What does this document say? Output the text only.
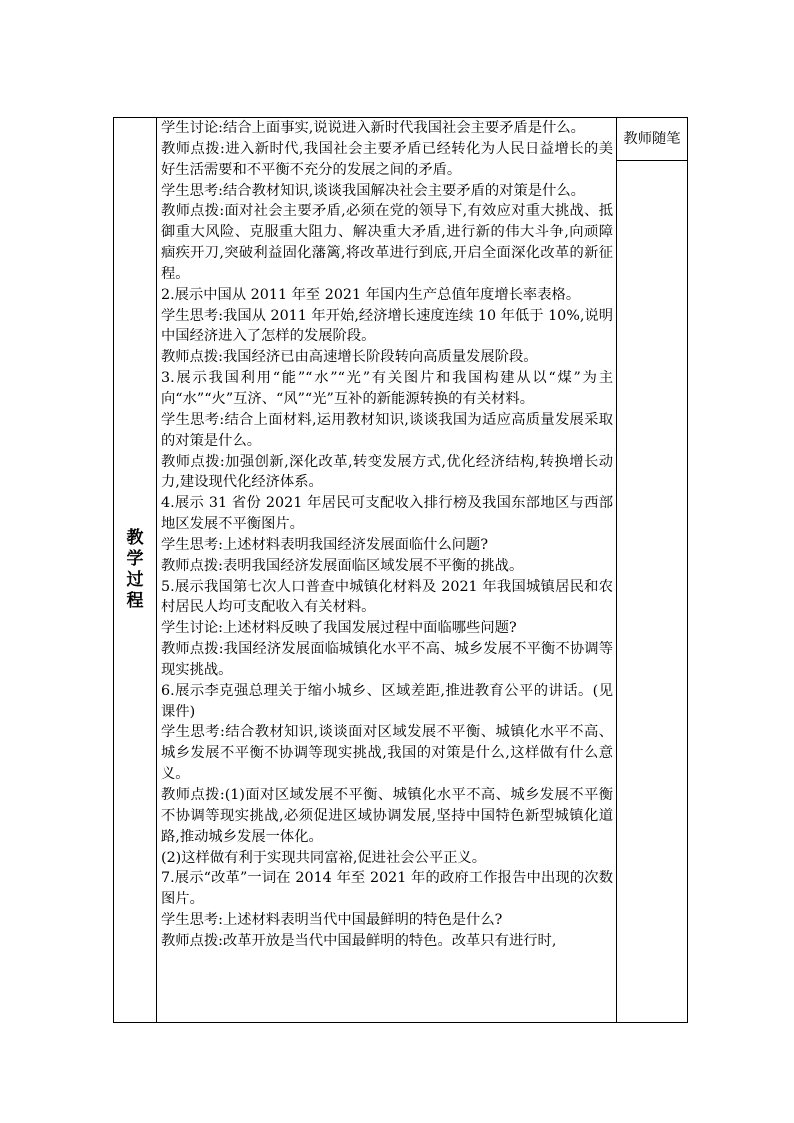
教
学
过
程

学生讨论:结合上面事实,说说进入新时代我国社会主要矛盾是什么。

教师点拨:进入新时代,我国社会主要矛盾已经转化为人民日益增长的美好生活需要和不平衡不充分的发展之间的矛盾。

学生思考:结合教材知识,谈谈我国解决社会主要矛盾的对策是什么。

教师点拨:面对社会主要矛盾,必须在党的领导下,有效应对重大挑战、抵御重大风险、克服重大阻力、解决重大矛盾,进行新的伟大斗争,向顽障痼疾开刀,突破利益固化藩篱,将改革进行到底,开启全面深化改革的新征程。

2.展示中国从 2011 年至 2021 年国内生产总值年度增长率表格。

学生思考:我国从 2011 年开始,经济增长速度连续 10 年低于 10%,说明中国经济进入了怎样的发展阶段。

教师点拨:我国经济已由高速增长阶段转向高质量发展阶段。

3.展示我国利用“能”“水”“光”有关图片和我国构建从以“煤”为主向“水”“火”互济、“风”“光”互补的新能源转换的有关材料。

学生思考:结合上面材料,运用教材知识,谈谈我国为适应高质量发展采取的对策是什么。

教师点拨:加强创新,深化改革,转变发展方式,优化经济结构,转换增长动力,建设现代化经济体系。

4.展示 31 省份 2021 年居民可支配收入排行榜及我国东部地区与西部地区发展不平衡图片。

学生思考:上述材料表明我国经济发展面临什么问题?

教师点拨:表明我国经济发展面临区域发展不平衡的挑战。

5.展示我国第七次人口普查中城镇化材料及 2021 年我国城镇居民和农村居民人均可支配收入有关材料。

学生讨论:上述材料反映了我国发展过程中面临哪些问题?

教师点拨:我国经济发展面临城镇化水平不高、城乡发展不平衡不协调等现实挑战。

6.展示李克强总理关于缩小城乡、区域差距,推进教育公平的讲话。(见课件)

学生思考:结合教材知识,谈谈面对区域发展不平衡、城镇化水平不高、城乡发展不平衡不协调等现实挑战,我国的对策是什么,这样做有什么意义。

教师点拨:(1)面对区域发展不平衡、城镇化水平不高、城乡发展不平衡不协调等现实挑战,必须促进区域协调发展,坚持中国特色新型城镇化道路,推动城乡发展一体化。

(2)这样做有利于实现共同富裕,促进社会公平正义。

7.展示“改革”一词在 2014 年至 2021 年的政府工作报告中出现的次数图片。

学生思考:上述材料表明当代中国最鲜明的特色是什么?

教师点拨:改革开放是当代中国最鲜明的特色。改革只有进行时,

	教师随笔
